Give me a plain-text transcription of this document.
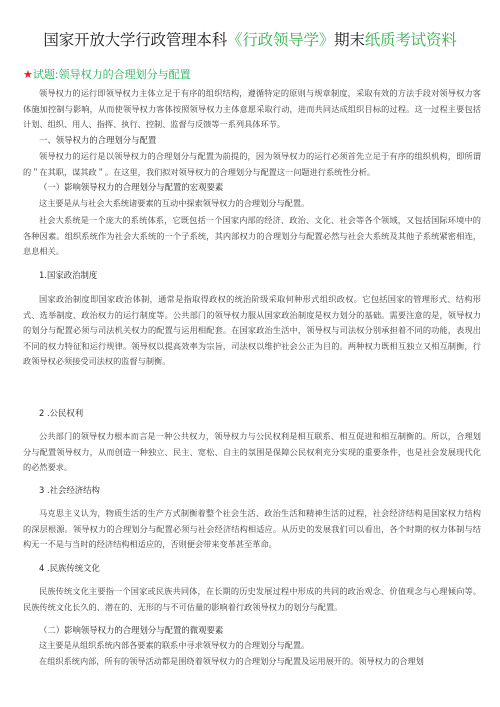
国家开放大学行政管理本科《行政领导学》期末纸质考试资料
★试题:领导权力的合理划分与配置
领导权力的运行即领导权力主体立足于有序的组织结构，遵循特定的原则与规章制度，采取有效的方法手段对领导权力客体施加控制与影响，从而使领导权力客体按照领导权力主体意愿采取行动，进而共同达成组织目标的过程。这一过程主要包括计划、组织、用人、指挥、执行、控制、监督与反馈等一系列具体环节。
一、领导权力的合理划分与配置
领导权力的运行是以领导权力的合理划分与配置为前提的，因为领导权力的运行必须首先立足于有序的组织机构，即所谓的＂在其职，谋其政＂。在这里，我们拟对领导权力的合理划分与配置这一问题进行系统性分析。
（一）影响领导权力的合理划分与配置的宏观要素
这主要是从与社会大系统诸要素的互动中探索领导权力的合理划分与配置。
社会大系统是一个庞大的系统体系，它既包括一个国家内部的经济、政治、文化、社会等各个领域，又包括国际环境中的各种因素。组织系统作为社会大系统的一个子系统，其内部权力的合理划分与配置必然与社会大系统及其他子系统紧密相连，息息相关。
1.国家政治制度
国家政治制度即国家政治体制，通常是指取得政权的统治阶级采取何种形式组织政权。它包括国家的管理形式、结构形式、选举制度、政治权力的运行制度等。公共部门的领导权力服从国家政治制度是权力划分的基础。需要注意的是，领导权力的划分与配置必须与司法机关权力的配置与运用相配套。在国家政治生活中，领导权与司法权分别承担着不同的功能，表现出不同的权力特征和运行规律。领导权以提高效率为宗旨，司法权以维护社会公正为目的。两种权力既相互独立又相互制衡，行政领导权必须接受司法权的监督与制衡。
2 .公民权利
公共部门的领导权力根本而言是一种公共权力，领导权力与公民权利是相互联系、相互促进和相互制衡的。所以，合理划分与配置领导权力，从而创造一种独立、民主、宽松、自主的氛围是保障公民权利充分实现的重要条件，也是社会发展现代化的必然要求。
3 .社会经济结构
马克思主义认为，物质生活的生产方式制衡着整个社会生活、政治生活和精神生活的过程，社会经济结构是国家权力结构的深层根源。领导权力的合理划分与配置必须与社会经济结构相适应。从历史的发展我们可以看出，各个时期的权力体制与结构无一不是与当时的经济结构相适应的，否则便会带来变革甚至革命。
4 .民族传统文化
民族传统文化主要指一个国家或民族共同体，在长期的历史发展过程中形成的共同的政治观念、价值观念与心理倾向等。民族传统文化长久的、潜在的、无形的与不可估量的影响着行政领导权力的划分与配置。
（二）影响领导权力的合理划分与配置的微观要素
这主要是从组织系统内部各要素的联系中寻求领导权力的合理划分与配置。
在组织系统内部，所有的领导活动都是围绕着领导权力的合理划分与配置及运用展开的。领导权力的合理划
